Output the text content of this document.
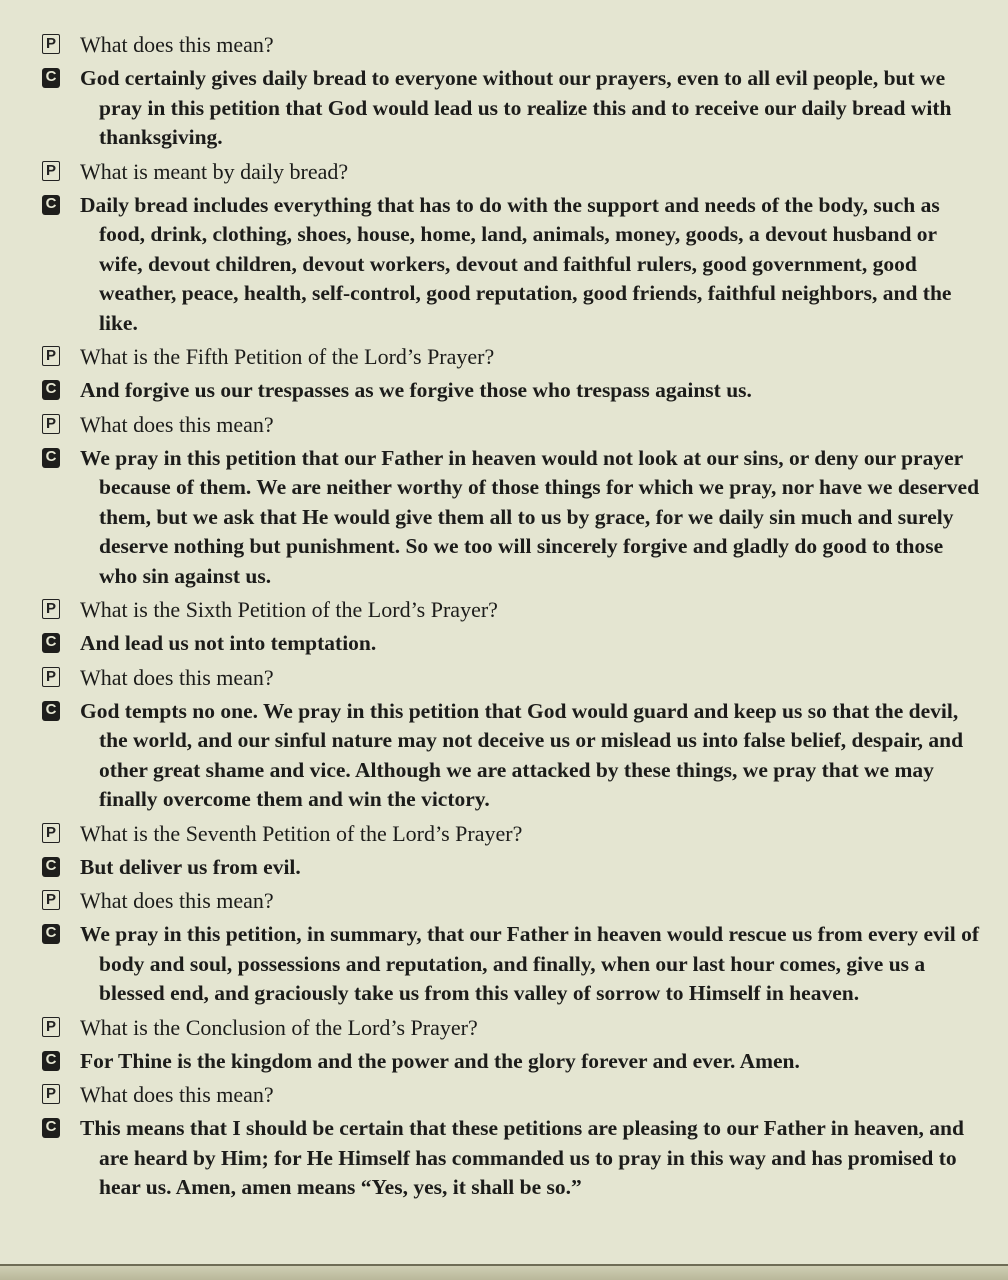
P What does this mean?
C God certainly gives daily bread to everyone without our prayers, even to all evil people, but we pray in this petition that God would lead us to realize this and to receive our daily bread with thanksgiving.
P What is meant by daily bread?
C Daily bread includes everything that has to do with the support and needs of the body, such as food, drink, clothing, shoes, house, home, land, animals, money, goods, a devout husband or wife, devout children, devout workers, devout and faithful rulers, good government, good weather, peace, health, self-control, good reputation, good friends, faithful neighbors, and the like.
P What is the Fifth Petition of the Lord’s Prayer?
C And forgive us our trespasses as we forgive those who trespass against us.
P What does this mean?
C We pray in this petition that our Father in heaven would not look at our sins, or deny our prayer because of them. We are neither worthy of those things for which we pray, nor have we deserved them, but we ask that He would give them all to us by grace, for we daily sin much and surely deserve nothing but punishment. So we too will sincerely forgive and gladly do good to those who sin against us.
P What is the Sixth Petition of the Lord’s Prayer?
C And lead us not into temptation.
P What does this mean?
C God tempts no one. We pray in this petition that God would guard and keep us so that the devil, the world, and our sinful nature may not deceive us or mislead us into false belief, despair, and other great shame and vice. Although we are attacked by these things, we pray that we may finally overcome them and win the victory.
P What is the Seventh Petition of the Lord’s Prayer?
C But deliver us from evil.
P What does this mean?
C We pray in this petition, in summary, that our Father in heaven would rescue us from every evil of body and soul, possessions and reputation, and finally, when our last hour comes, give us a blessed end, and graciously take us from this valley of sorrow to Himself in heaven.
P What is the Conclusion of the Lord’s Prayer?
C For Thine is the kingdom and the power and the glory forever and ever. Amen.
P What does this mean?
C This means that I should be certain that these petitions are pleasing to our Father in heaven, and are heard by Him; for He Himself has commanded us to pray in this way and has promised to hear us. Amen, amen means “Yes, yes, it shall be so.”
